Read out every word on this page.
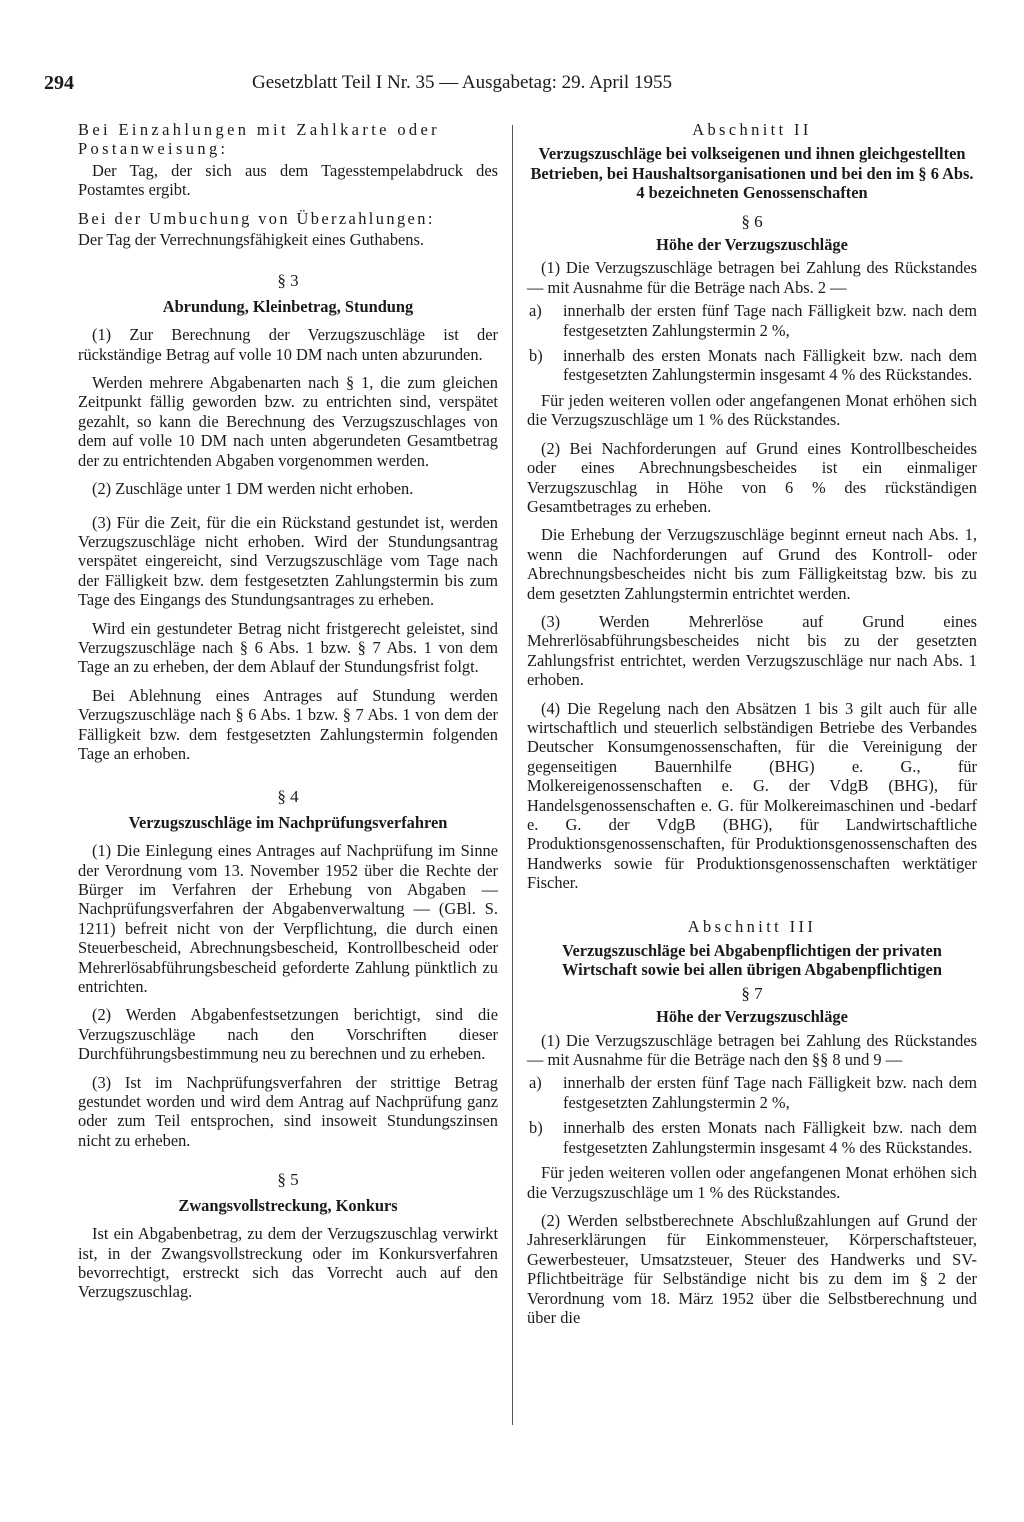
294	Gesetzblatt Teil I Nr. 35 — Ausgabetag: 29. April 1955

Bei Einzahlungen mit Zahlkarte oder Postanweisung:

Der Tag, der sich aus dem Tagesstempelabdruck des Postamtes ergibt.

Bei der Umbuchung von Überzahlungen:

Der Tag der Verrechnungsfähigkeit eines Guthabens.

§ 3

Abrundung, Kleinbetrag, Stundung

(1) Zur Berechnung der Verzugszuschläge ist der rückständige Betrag auf volle 10 DM nach unten abzurunden.

Werden mehrere Abgabenarten nach § 1, die zum gleichen Zeitpunkt fällig geworden bzw. zu entrichten sind, verspätet gezahlt, so kann die Berechnung des Verzugszuschlages von dem auf volle 10 DM nach unten abgerundeten Gesamtbetrag der zu entrichtenden Abgaben vorgenommen werden.

(2) Zuschläge unter 1 DM werden nicht erhoben.

(3) Für die Zeit, für die ein Rückstand gestundet ist, werden Verzugszuschläge nicht erhoben. Wird der Stundungsantrag verspätet eingereicht, sind Verzugszuschläge vom Tage nach der Fälligkeit bzw. dem festgesetzten Zahlungstermin bis zum Tage des Eingangs des Stundungsantrages zu erheben.

Wird ein gestundeter Betrag nicht fristgerecht geleistet, sind Verzugszuschläge nach § 6 Abs. 1 bzw. § 7 Abs. 1 von dem Tage an zu erheben, der dem Ablauf der Stundungsfrist folgt.

Bei Ablehnung eines Antrages auf Stundung werden Verzugszuschläge nach § 6 Abs. 1 bzw. § 7 Abs. 1 von dem der Fälligkeit bzw. dem festgesetzten Zahlungstermin folgenden Tage an erhoben.

§ 4

Verzugszuschläge im Nachprüfungsverfahren

(1) Die Einlegung eines Antrages auf Nachprüfung im Sinne der Verordnung vom 13. November 1952 über die Rechte der Bürger im Verfahren der Erhebung von Abgaben — Nachprüfungsverfahren der Abgabenverwaltung — (GBl. S. 1211) befreit nicht von der Verpflichtung, die durch einen Steuerbescheid, Abrechnungsbescheid, Kontrollbescheid oder Mehrerlösabführungsbescheid geforderte Zahlung pünktlich zu entrichten.

(2) Werden Abgabenfestsetzungen berichtigt, sind die Verzugszuschläge nach den Vorschriften dieser Durchführungsbestimmung neu zu berechnen und zu erheben.

(3) Ist im Nachprüfungsverfahren der strittige Betrag gestundet worden und wird dem Antrag auf Nachprüfung ganz oder zum Teil entsprochen, sind insoweit Stundungszinsen nicht zu erheben.

§ 5

Zwangsvollstreckung, Konkurs

Ist ein Abgabenbetrag, zu dem der Verzugszuschlag verwirkt ist, in der Zwangsvollstreckung oder im Konkursverfahren bevorrechtigt, erstreckt sich das Vorrecht auch auf den Verzugszuschlag.

Abschnitt II

Verzugszuschläge bei volkseigenen und ihnen gleichgestellten Betrieben, bei Haushaltsorganisationen und bei den im § 6 Abs. 4 bezeichneten Genossenschaften

§ 6

Höhe der Verzugszuschläge

(1) Die Verzugszuschläge betragen bei Zahlung des Rückstandes — mit Ausnahme für die Beträge nach Abs. 2 —

a)	innerhalb der ersten fünf Tage nach Fälligkeit bzw. nach dem festgesetzten Zahlungstermin 2 %,
b)	innerhalb des ersten Monats nach Fälligkeit bzw. nach dem festgesetzten Zahlungstermin insgesamt 4 % des Rückstandes.

Für jeden weiteren vollen oder angefangenen Monat erhöhen sich die Verzugszuschläge um 1 % des Rückstandes.

(2) Bei Nachforderungen auf Grund eines Kontrollbescheides oder eines Abrechnungsbescheides ist ein einmaliger Verzugszuschlag in Höhe von 6 % des rückständigen Gesamtbetrages zu erheben.

Die Erhebung der Verzugszuschläge beginnt erneut nach Abs. 1, wenn die Nachforderungen auf Grund des Kontroll- oder Abrechnungsbescheides nicht bis zum Fälligkeitstag bzw. bis zu dem gesetzten Zahlungstermin entrichtet werden.

(3) Werden Mehrerlöse auf Grund eines Mehrerlösabführungsbescheides nicht bis zu der gesetzten Zahlungsfrist entrichtet, werden Verzugszuschläge nur nach Abs. 1 erhoben.

(4) Die Regelung nach den Absätzen 1 bis 3 gilt auch für alle wirtschaftlich und steuerlich selbständigen Betriebe des Verbandes Deutscher Konsumgenossenschaften, für die Vereinigung der gegenseitigen Bauernhilfe (BHG) e. G., für Molkereigenossenschaften e. G. der VdgB (BHG), für Handelsgenossenschaften e. G. für Molkereimaschinen und -bedarf e. G. der VdgB (BHG), für Landwirtschaftliche Produktionsgenossenschaften, für Produktionsgenossenschaften des Handwerks sowie für Produktionsgenossenschaften werktätiger Fischer.

Abschnitt III

Verzugszuschläge bei Abgabenpflichtigen der privaten Wirtschaft sowie bei allen übrigen Abgabenpflichtigen

§ 7

Höhe der Verzugszuschläge

(1) Die Verzugszuschläge betragen bei Zahlung des Rückstandes — mit Ausnahme für die Beträge nach den §§ 8 und 9 —

a)	innerhalb der ersten fünf Tage nach Fälligkeit bzw. nach dem festgesetzten Zahlungstermin 2 %,
b)	innerhalb des ersten Monats nach Fälligkeit bzw. nach dem festgesetzten Zahlungstermin insgesamt 4 % des Rückstandes.

Für jeden weiteren vollen oder angefangenen Monat erhöhen sich die Verzugszuschläge um 1 % des Rückstandes.

(2) Werden selbstberechnete Abschlußzahlungen auf Grund der Jahreserklärungen für Einkommensteuer, Körperschaftsteuer, Gewerbesteuer, Umsatzsteuer, Steuer des Handwerks und SV-Pflichtbeiträge für Selbständige nicht bis zu dem im § 2 der Verordnung vom 18. März 1952 über die Selbstberechnung und über die
